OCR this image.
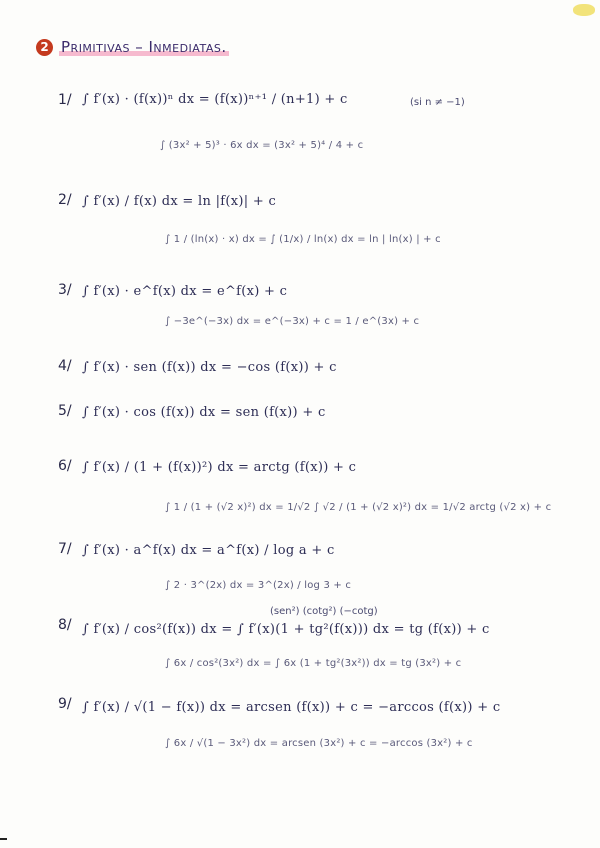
2 Primitivas – Inmediatas.
1/ ∫ f′(x) · (f(x))ⁿ dx = (f(x))ⁿ⁺¹ / (n+1) + c	(si n ≠ −1)
∫ (3x² + 5)³ · 6x dx = (3x² + 5)⁴ / 4 + c
2/ ∫ f′(x) / f(x) dx = ln |f(x)| + c
∫ 1 / (ln(x) · x) dx = ∫ (1/x) / ln(x) dx = ln | ln(x) | + c
3/ ∫ f′(x) · e^f(x) dx = e^f(x) + c
∫ −3e^(−3x) dx = e^(−3x) + c = 1 / e^(3x) + c
4/ ∫ f′(x) · sen (f(x)) dx = −cos (f(x)) + c
5/ ∫ f′(x) · cos (f(x)) dx = sen (f(x)) + c
6/ ∫ f′(x) / (1 + (f(x))²) dx = arctg (f(x)) + c
∫ 1 / (1 + (√2 x)²) dx = 1/√2 ∫ √2 / (1 + (√2 x)²) dx = 1/√2 arctg (√2 x) + c
7/ ∫ f′(x) · a^f(x) dx = a^f(x) / log a + c
∫ 2 · 3^(2x) dx = 3^(2x) / log 3 + c
8/
(sen²) (cotg²) (−cotg)
∫ f′(x) / cos²(f(x)) dx = ∫ f′(x)(1 + tg²(f(x))) dx = tg (f(x)) + c
∫ 6x / cos²(3x²) dx = ∫ 6x (1 + tg²(3x²)) dx = tg (3x²) + c
9/ ∫ f′(x) / √(1 − f(x)) dx = arcsen (f(x)) + c = −arccos (f(x)) + c
∫ 6x / √(1 − 3x²) dx = arcsen (3x²) + c = −arccos (3x²) + c
